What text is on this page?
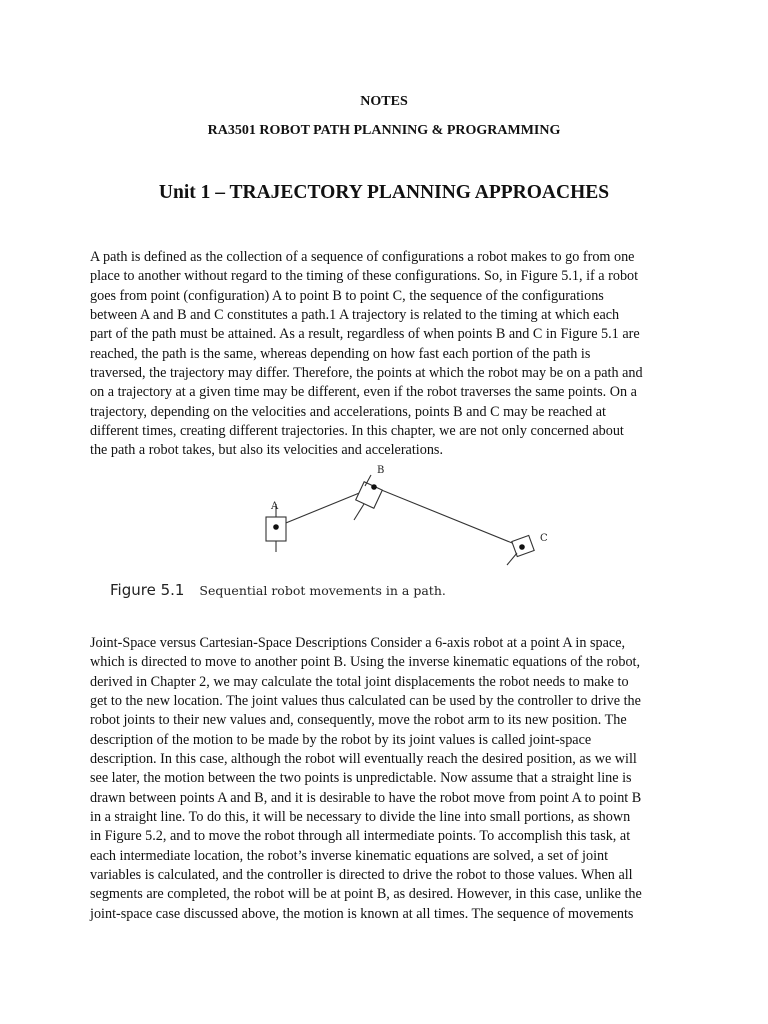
NOTES
RA3501 ROBOT PATH PLANNING & PROGRAMMING
Unit 1 – TRAJECTORY PLANNING APPROACHES
A path is defined as the collection of a sequence of configurations a robot makes to go from one
place to another without regard to the timing of these configurations. So, in Figure 5.1, if a robot
goes from point (configuration) A to point B to point C, the sequence of the configurations
between A and B and C constitutes a path.1 A trajectory is related to the timing at which each
part of the path must be attained. As a result, regardless of when points B and C in Figure 5.1 are
reached, the path is the same, whereas depending on how fast each portion of the path is
traversed, the trajectory may differ. Therefore, the points at which the robot may be on a path and
on a trajectory at a given time may be different, even if the robot traverses the same points. On a
trajectory, depending on the velocities and accelerations, points B and C may be reached at
different times, creating different trajectories. In this chapter, we are not only concerned about
the path a robot takes, but also its velocities and accelerations.
B
A
C
Figure 5.1 Sequential robot movements in a path.
Joint-Space versus Cartesian-Space Descriptions Consider a 6-axis robot at a point A in space,
which is directed to move to another point B. Using the inverse kinematic equations of the robot,
derived in Chapter 2, we may calculate the total joint displacements the robot needs to make to
get to the new location. The joint values thus calculated can be used by the controller to drive the
robot joints to their new values and, consequently, move the robot arm to its new position. The
description of the motion to be made by the robot by its joint values is called joint-space
description. In this case, although the robot will eventually reach the desired position, as we will
see later, the motion between the two points is unpredictable. Now assume that a straight line is
drawn between points A and B, and it is desirable to have the robot move from point A to point B
in a straight line. To do this, it will be necessary to divide the line into small portions, as shown
in Figure 5.2, and to move the robot through all intermediate points. To accomplish this task, at
each intermediate location, the robot’s inverse kinematic equations are solved, a set of joint
variables is calculated, and the controller is directed to drive the robot to those values. When all
segments are completed, the robot will be at point B, as desired. However, in this case, unlike the
joint-space case discussed above, the motion is known at all times. The sequence of movements
